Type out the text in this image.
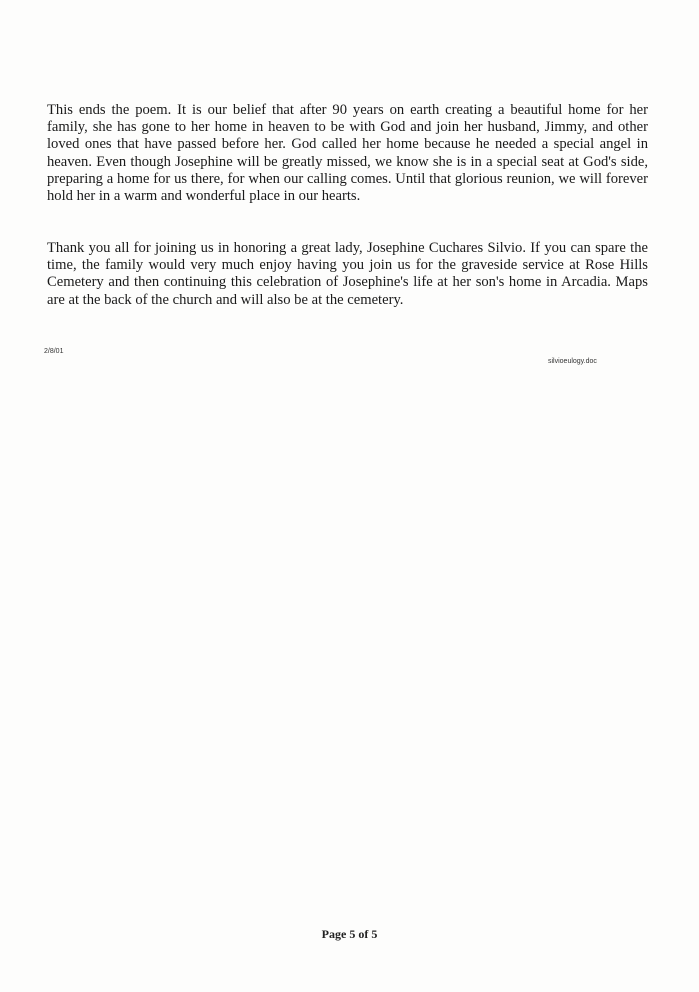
This ends the poem. It is our belief that after 90 years on earth creating a beautiful home for her family, she has gone to her home in heaven to be with God and join her husband, Jimmy, and other loved ones that have passed before her. God called her home because he needed a special angel in heaven. Even though Josephine will be greatly missed, we know she is in a special seat at God's side, preparing a home for us there, for when our calling comes. Until that glorious reunion, we will forever hold her in a warm and wonderful place in our hearts.

Thank you all for joining us in honoring a great lady, Josephine Cuchares Silvio. If you can spare the time, the family would very much enjoy having you join us for the graveside service at Rose Hills Cemetery and then continuing this celebration of Josephine's life at her son's home in Arcadia. Maps are at the back of the church and will also be at the cemetery.

2/8/01
silvioeulogy.doc
Page 5 of 5
